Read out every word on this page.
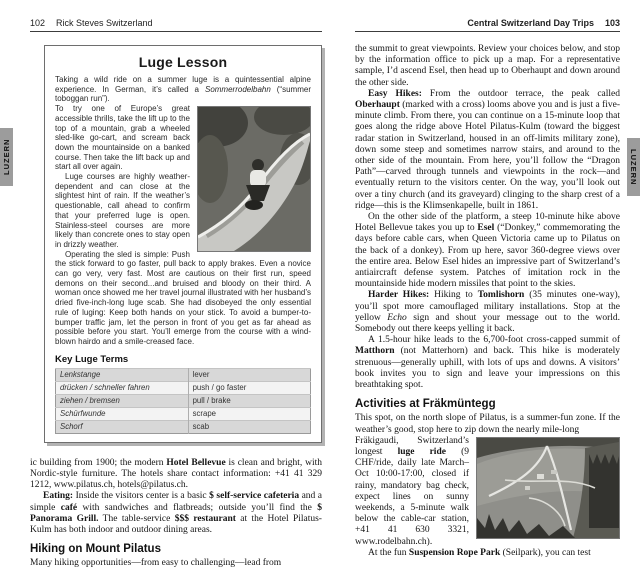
LUZERN	LUZERN
102 Rick Steves Switzerland
Luge Lesson

Taking a wild ride on a summer luge is a quintessential alpine experience. In German, it’s called a Sommerrodelbahn (“summer toboggan run”).

To try one of Europe’s great accessible thrills, take the lift up to the top of a mountain, grab a wheeled sled-like go-cart, and scream back down the mountainside on a banked course. Then take the lift back up and start all over again.

Luge courses are highly weather-dependent and can close at the slightest hint of rain. If the weather’s questionable, call ahead to confirm that your preferred luge is open. Stainless-steel courses are more likely than concrete ones to stay open in drizzly weather.

Operating the sled is simple: Push the stick forward to go faster, pull back to apply brakes. Even a novice can go very, very fast. Most are cautious on their first run, speed demons on their second...and bruised and bloody on their third. A woman once showed me her travel journal illustrated with her husband’s dried five-inch-long luge scab. She had disobeyed the only essential rule of luging: Keep both hands on your stick. To avoid a bumper-to-bumper traffic jam, let the person in front of you get as far ahead as possible before you start. You’ll emerge from the course with a wind-blown hairdo and a smile-creased face.

Key Luge Terms
Lenkstange	lever
drücken / schneller fahren	push / go faster
ziehen / bremsen	pull / brake
Schürfwunde	scrape
Schorf	scab

ic building from 1900; the modern Hotel Bellevue is clean and bright, with Nordic-style furniture. The hotels share contact information: +41 41 329 1212, www.pilatus.ch, hotels@pilatus.ch.

Eating: Inside the visitors center is a basic $ self-service cafeteria and a simple café with sandwiches and flatbreads; outside you’ll find the $ Panorama Grill. The table-service $$$ restaurant at the Hotel Pilatus-Kulm has both indoor and outdoor dining areas.

Hiking on Mount Pilatus

Many hiking opportunities—from easy to challenging—lead from

Central Switzerland Day Trips 103

the summit to great viewpoints. Review your choices below, and stop by the information office to pick up a map. For a representative sample, I’d ascend Esel, then head up to Oberhaupt and down around the other side.

Easy Hikes: From the outdoor terrace, the peak called Oberhaupt (marked with a cross) looms above you and is just a five-minute climb. From there, you can continue on a 15-minute loop that goes along the ridge above Hotel Pilatus-Kulm (toward the biggest radar station in Switzerland, housed in an off-limits military zone), down some steep and sometimes narrow stairs, and around to the other side of the mountain. From here, you’ll follow the “Dragon Path”—carved through tunnels and viewpoints in the rock—and eventually return to the visitors center. On the way, you’ll look out over a tiny church (and its graveyard) clinging to the sharp crest of a ridge—this is the Klimsenkapelle, built in 1861.

On the other side of the platform, a steep 10-minute hike above Hotel Bellevue takes you up to Esel (“Donkey,” commemorating the days before cable cars, when Queen Victoria came up to Pilatus on the back of a donkey). From up here, savor 360-degree views over the entire area. Below Esel hides an impressive part of Switzerland’s antiaircraft defense system. Patches of imitation rock in the mountainside hide modern missiles that point to the skies.

Harder Hikes: Hiking to Tomlishorn (35 minutes one-way), you’ll spot more camouflaged military installations. Stop at the yellow Echo sign and shout your message out to the world. Somebody out there keeps yelling it back.

A 1.5-hour hike leads to the 6,700-foot cross-capped summit of Matthorn (not Matterhorn) and back. This hike is moderately strenuous—generally uphill, with lots of ups and downs. A visitors’ book invites you to sign and leave your impressions on this breathtaking spot.

Activities at Fräkmüntegg

This spot, on the north slope of Pilatus, is a summer-fun zone. If the weather’s good, stop here to zip down the nearly mile-long

Fräkigaudi, Switzerland’s longest luge ride (9 CHF/ride, daily late March–Oct 10:00-17:00, closed if rainy, mandatory bag check, expect lines on sunny weekends, a 5-minute walk below the cable-car station, +41 41 630 3321, www.rodelbahn.ch).

At the fun Suspension Rope Park (Seilpark), you can test
